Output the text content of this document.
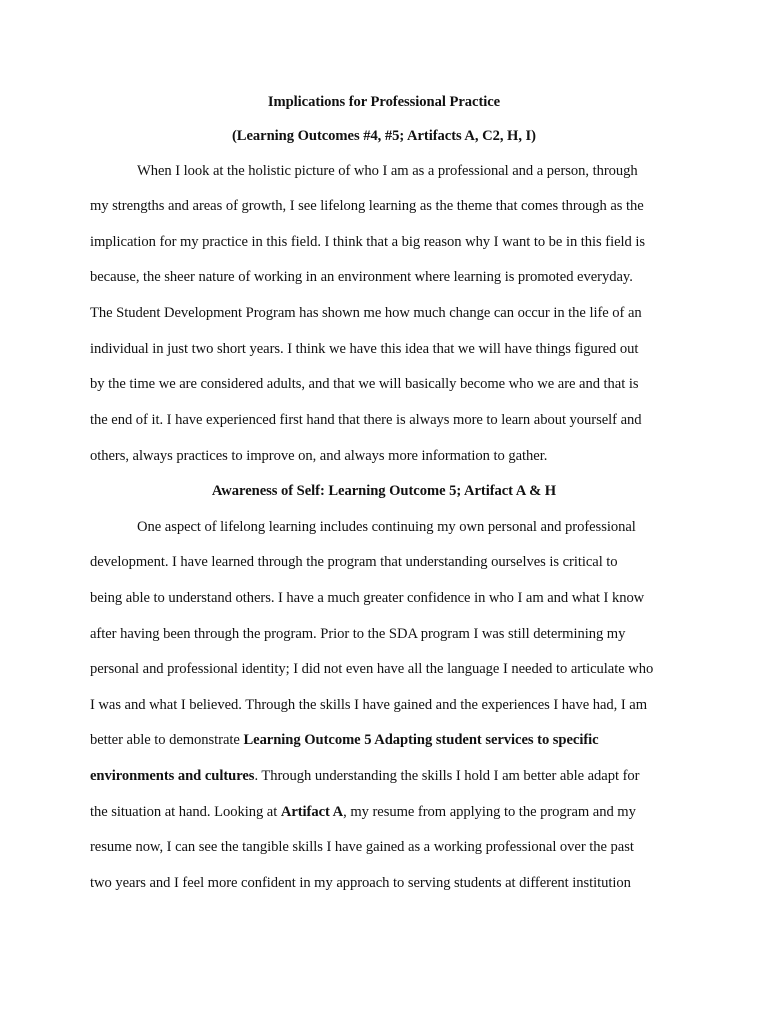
Implications for Professional Practice

(Learning Outcomes #4, #5; Artifacts A, C2, H, I)

When I look at the holistic picture of who I am as a professional and a person, through

my strengths and areas of growth, I see lifelong learning as the theme that comes through as the

implication for my practice in this field. I think that a big reason why I want to be in this field is

because, the sheer nature of working in an environment where learning is promoted everyday.

The Student Development Program has shown me how much change can occur in the life of an

individual in just two short years. I think we have this idea that we will have things figured out

by the time we are considered adults, and that we will basically become who we are and that is

the end of it. I have experienced first hand that there is always more to learn about yourself and

others, always practices to improve on, and always more information to gather.

Awareness of Self: Learning Outcome 5; Artifact A & H

One aspect of lifelong learning includes continuing my own personal and professional

development. I have learned through the program that understanding ourselves is critical to

being able to understand others. I have a much greater confidence in who I am and what I know

after having been through the program. Prior to the SDA program I was still determining my

personal and professional identity; I did not even have all the language I needed to articulate who

I was and what I believed. Through the skills I have gained and the experiences I have had, I am

better able to demonstrate Learning Outcome 5 Adapting student services to specific

environments and cultures. Through understanding the skills I hold I am better able adapt for

the situation at hand. Looking at Artifact A, my resume from applying to the program and my

resume now, I can see the tangible skills I have gained as a working professional over the past

two years and I feel more confident in my approach to serving students at different institution
